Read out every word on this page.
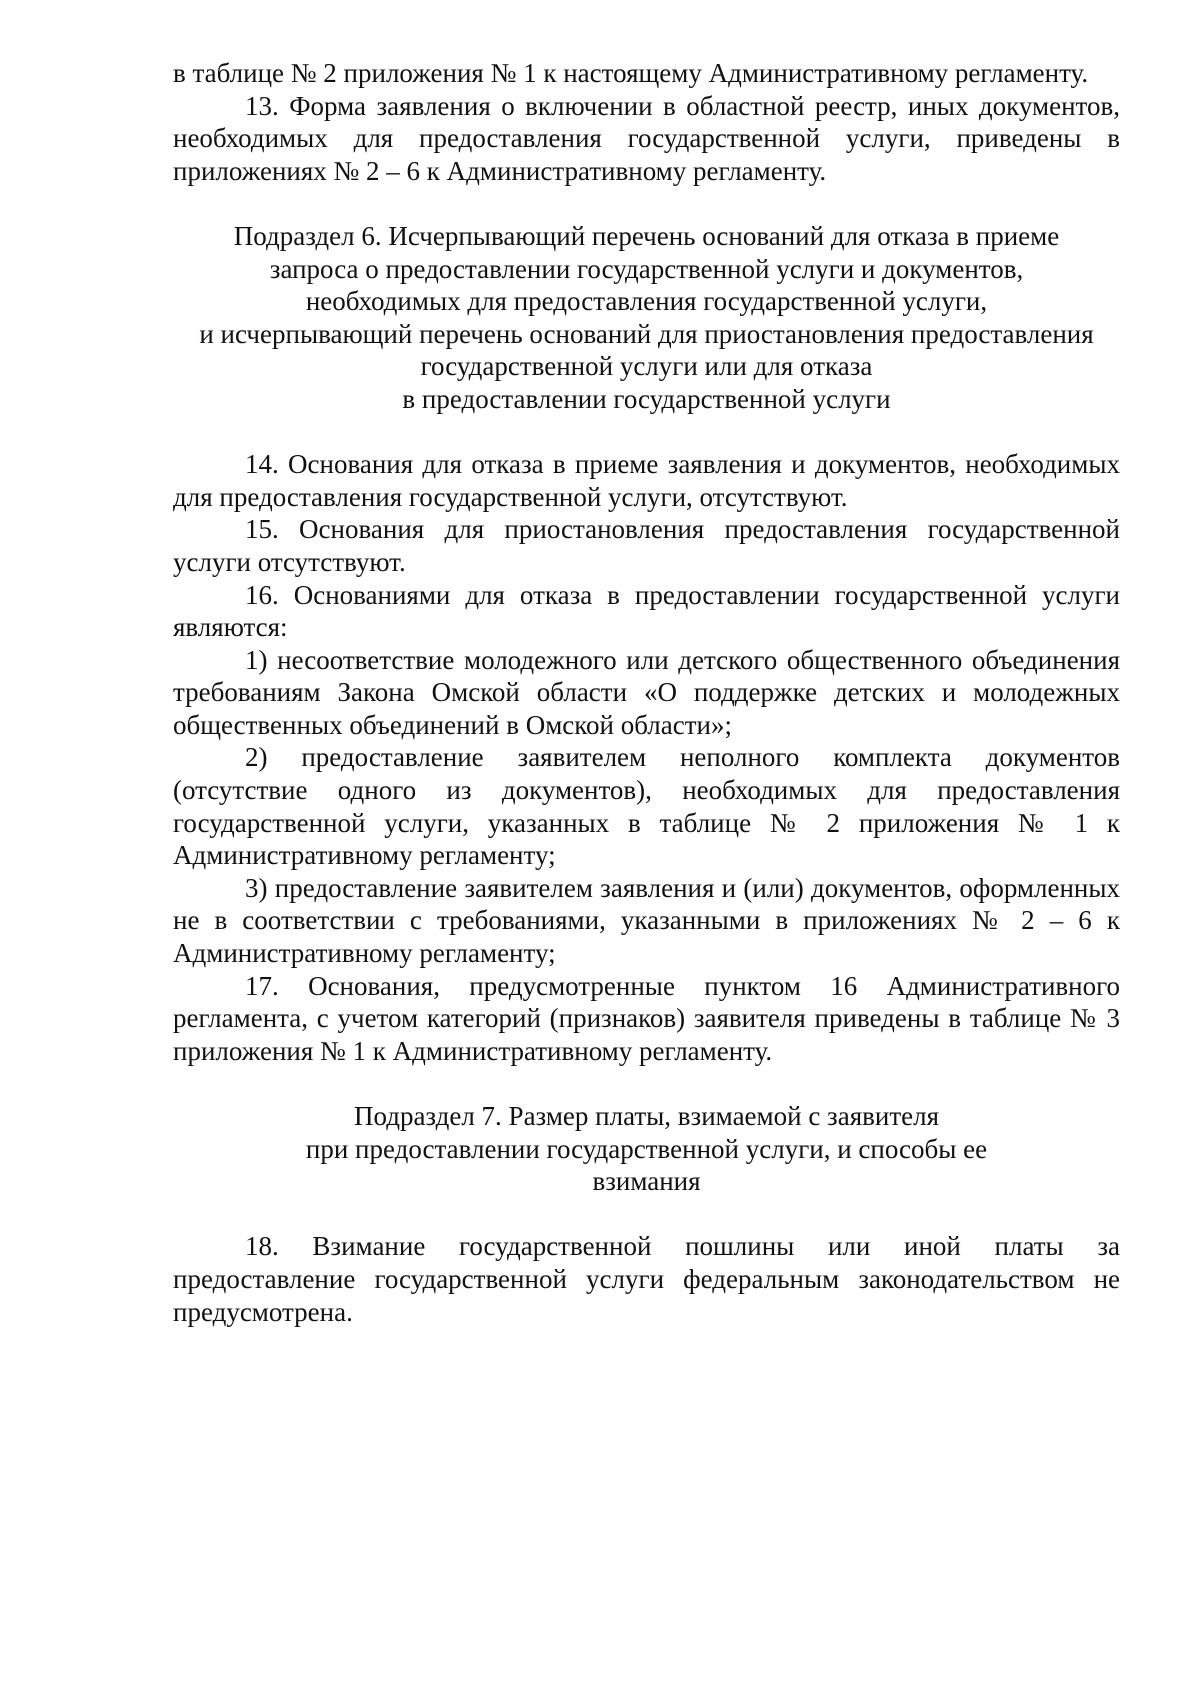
в таблице № 2 приложения № 1 к настоящему Административному регламенту.

13. Форма заявления о включении в областной реестр, иных документов, необходимых для предоставления государственной услуги, приведены в приложениях № 2 – 6 к Административному регламенту.

Подраздел 6. Исчерпывающий перечень оснований для отказа в приеме
запроса о предоставлении государственной услуги и документов,
необходимых для предоставления государственной услуги,
и исчерпывающий перечень оснований для приостановления предоставления
государственной услуги или для отказа
в предоставлении государственной услуги

14. Основания для отказа в приеме заявления и документов, необходимых для предоставления государственной услуги, отсутствуют.

15. Основания для приостановления предоставления государственной услуги отсутствуют.

16. Основаниями для отказа в предоставлении государственной услуги являются:

1) несоответствие молодежного или детского общественного объединения требованиям Закона Омской области «О поддержке детских и молодежных общественных объединений в Омской области»;

2) предоставление заявителем неполного комплекта документов (отсутствие одного из документов), необходимых для предоставления государственной услуги, указанных в таблице № 2 приложения № 1 к Административному регламенту;

3) предоставление заявителем заявления и (или) документов, оформленных не в соответствии с требованиями, указанными в приложениях № 2 – 6 к Административному регламенту;

17. Основания, предусмотренные пунктом 16 Административного регламента, с учетом категорий (признаков) заявителя приведены в таблице № 3 приложения № 1 к Административному регламенту.

Подраздел 7. Размер платы, взимаемой с заявителя
при предоставлении государственной услуги, и способы ее
взимания

18. Взимание государственной пошлины или иной платы за предоставление государственной услуги федеральным законодательством не предусмотрена.
